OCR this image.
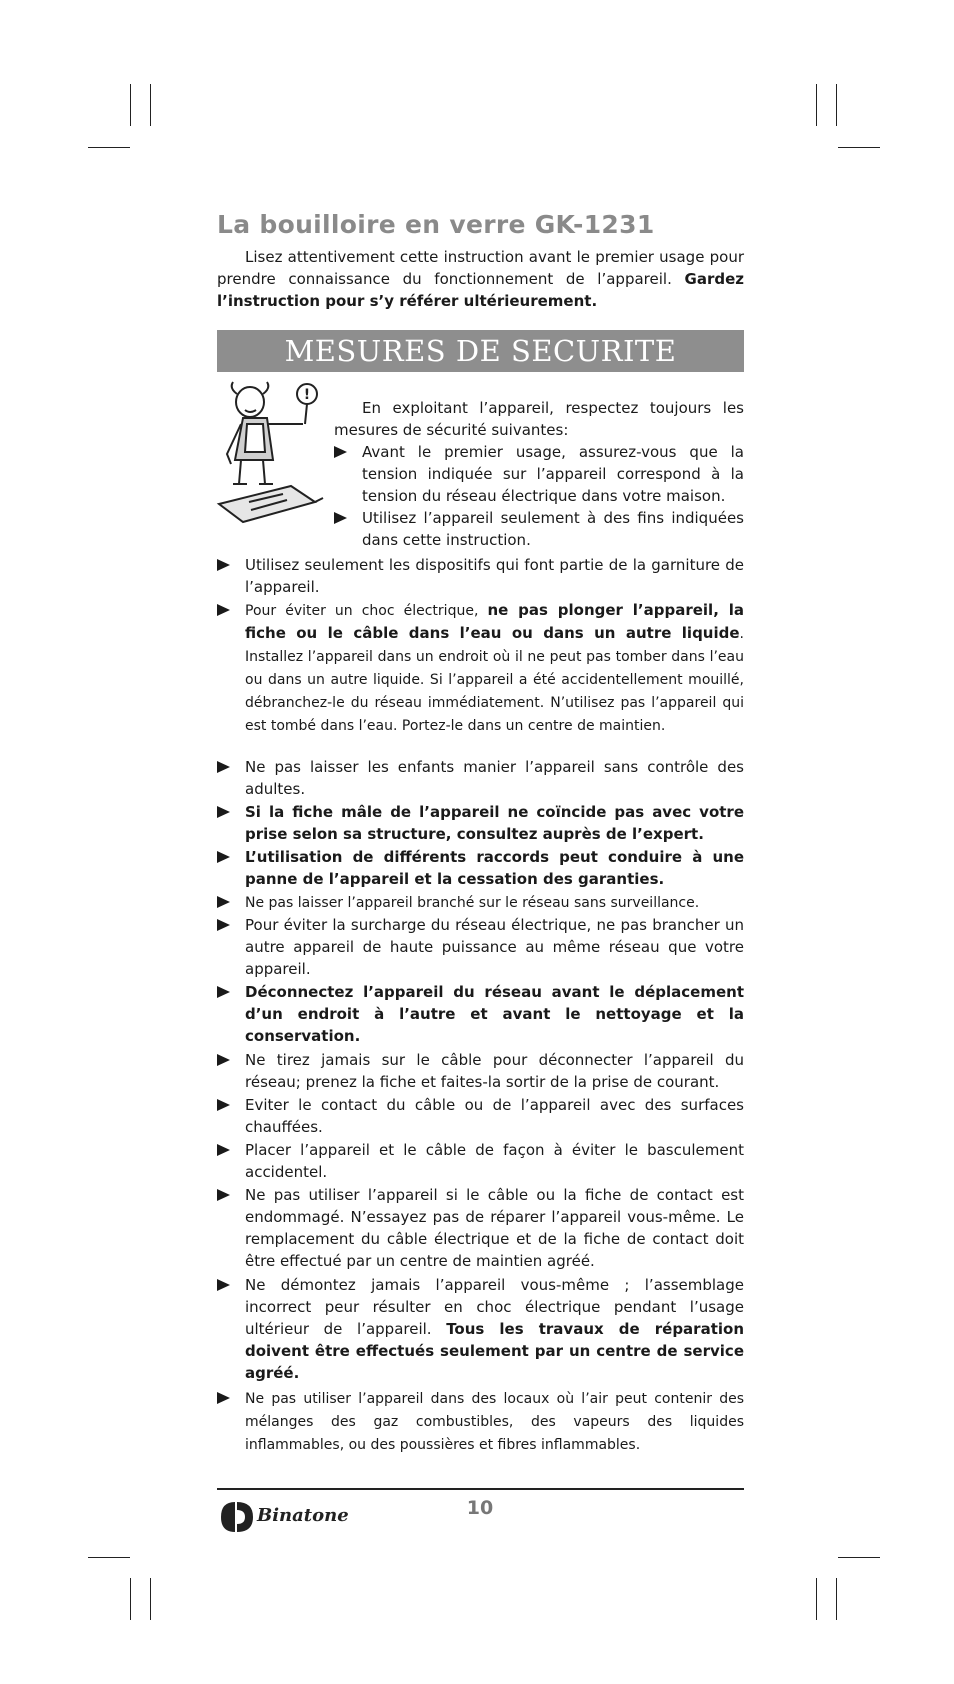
La bouilloire en verre GK-1231

Lisez attentivement cette instruction avant le premier usage pour prendre connaissance du fonctionnement de l’appareil. Gardez l’instruction pour s’y référer ultérieurement.

MESURES DE SECURITE
!

En exploitant l’appareil, respectez toujours les mesures de sécurité suivantes:

Avant le premier usage, assurez-vous que la tension indiquée sur l’appareil correspond à la tension du réseau électrique dans votre maison.
Utilisez l’appareil seulement à des fins indiquées dans cette instruction.
Utilisez seulement les dispositifs qui font partie de la garniture de l’appareil.
Pour éviter un choc électrique, ne pas plonger l’appareil, la fiche ou le câble dans l’eau ou dans un autre liquide. Installez l’appareil dans un endroit où il ne peut pas tomber dans l’eau ou dans un autre liquide. Si l’appareil a été accidentellement mouillé, débranchez-le du réseau immédiatement. N’utilisez pas l’appareil qui est tombé dans l’eau. Portez-le dans un centre de maintien.
Ne pas laisser les enfants manier l’appareil sans contrôle des adultes.
Si la fiche mâle de l’appareil ne coïncide pas avec votre prise selon sa structure, consultez auprès de l’expert.
L’utilisation de différents raccords peut conduire à une panne de l’appareil et la cessation des garanties.
Ne pas laisser l’appareil branché sur le réseau sans surveillance.
Pour éviter la surcharge du réseau électrique, ne pas brancher un autre appareil de haute puissance au même réseau que votre appareil.
Déconnectez l’appareil du réseau avant le déplacement d’un endroit à l’autre et avant le nettoyage et la conservation.
Ne tirez jamais sur le câble pour déconnecter l’appareil du réseau; prenez la fiche et faites-la sortir de la prise de courant.
Eviter le contact du câble ou de l’appareil avec des surfaces chauffées.
Placer l’appareil et le câble de façon à éviter le basculement accidentel.
Ne pas utiliser l’appareil si le câble ou la fiche de contact est endommagé. N’essayez pas de réparer l’appareil vous-même. Le remplacement du câble électrique et de la fiche de contact doit être effectué par un centre de maintien agréé.
Ne démontez jamais l’appareil vous-même ; l’assemblage incorrect peur résulter en choc électrique pendant l’usage ultérieur de l’appareil. Tous les travaux de réparation doivent être effectués seulement par un centre de service agréé.
Ne pas utiliser l’appareil dans des locaux où l’air peut contenir des mélanges des gaz combustibles, des vapeurs des liquides inflammables, ou des poussières et fibres inflammables.
Binatone	10
